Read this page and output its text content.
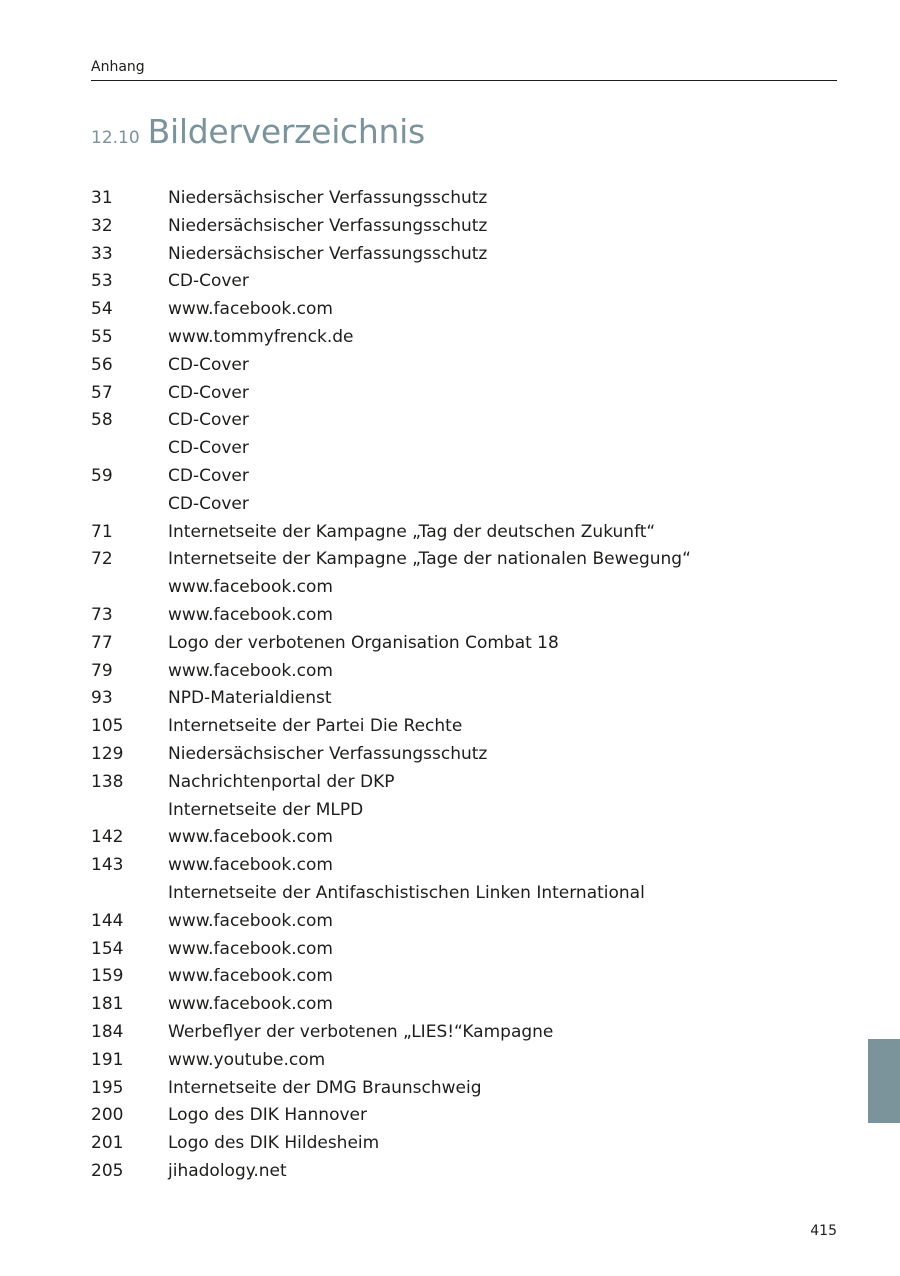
Anhang
12.10 Bilderverzeichnis
31	Niedersächsischer Verfassungsschutz
32	Niedersächsischer Verfassungsschutz
33	Niedersächsischer Verfassungsschutz
53	CD-Cover
54	www.facebook.com
55	www.tommyfrenck.de
56	CD-Cover
57	CD-Cover
58	CD-Cover
CD-Cover
59	CD-Cover
CD-Cover
71	Internetseite der Kampagne „Tag der deutschen Zukunft“
72	Internetseite der Kampagne „Tage der nationalen Bewegung“
www.facebook.com
73	www.facebook.com
77	Logo der verbotenen Organisation Combat 18
79	www.facebook.com
93	NPD-Materialdienst
105	Internetseite der Partei Die Rechte
129	Niedersächsischer Verfassungsschutz
138	Nachrichtenportal der DKP
Internetseite der MLPD
142	www.facebook.com
143	www.facebook.com
Internetseite der Antifaschistischen Linken International
144	www.facebook.com
154	www.facebook.com
159	www.facebook.com
181	www.facebook.com
184	Werbeflyer der verbotenen „LIES!“Kampagne
191	www.youtube.com
195	Internetseite der DMG Braunschweig
200	Logo des DIK Hannover
201	Logo des DIK Hildesheim
205	jihadology.net
415
